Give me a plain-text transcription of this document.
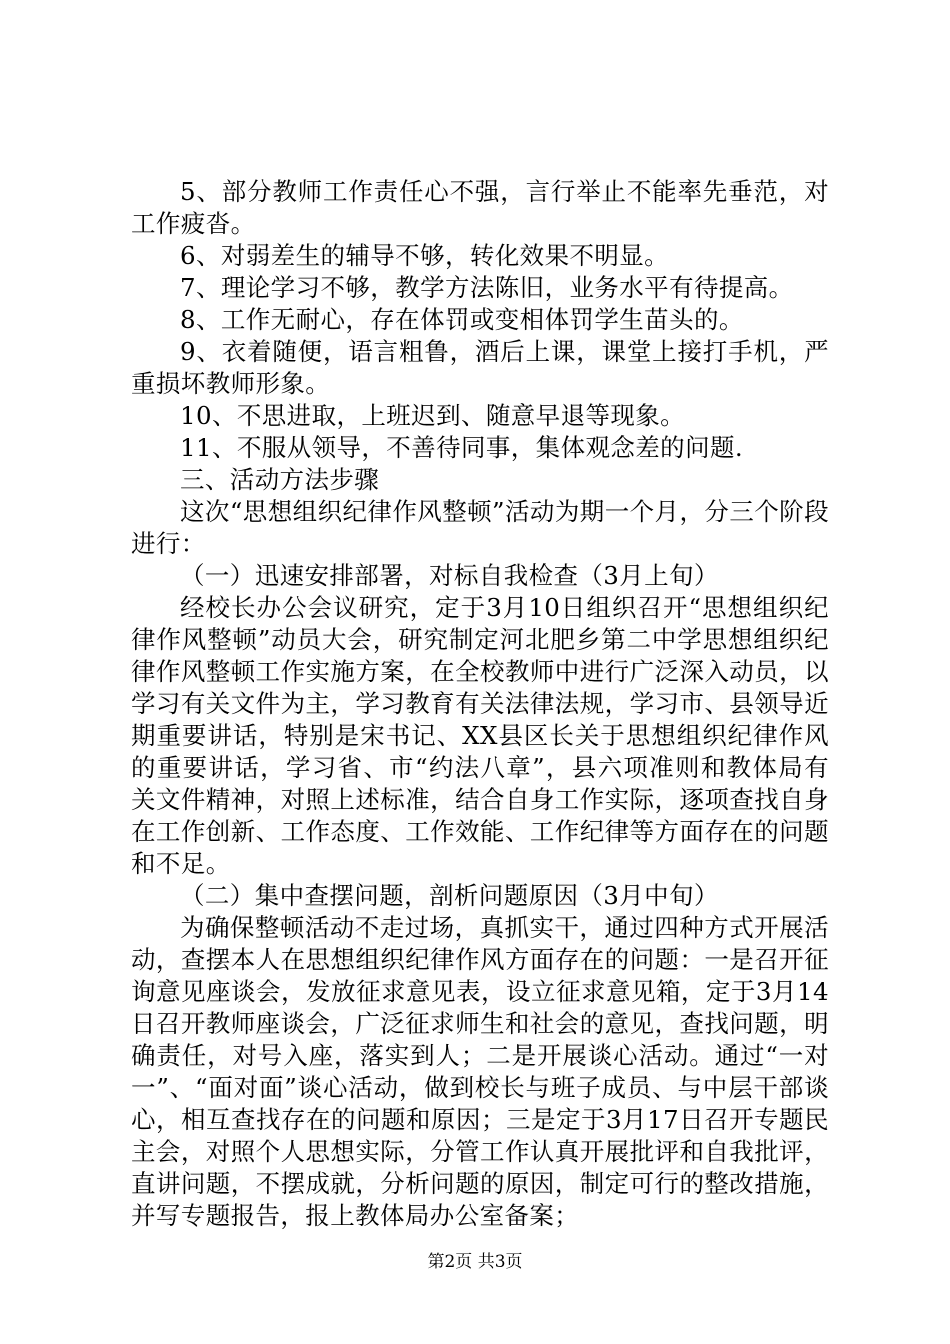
5、部分教师工作责任心不强，言行举止不能率先垂范，对工作疲沓。

6、对弱差生的辅导不够，转化效果不明显。

7、理论学习不够，教学方法陈旧，业务水平有待提高。

8、工作无耐心，存在体罚或变相体罚学生苗头的。

9、衣着随便，语言粗鲁，酒后上课，课堂上接打手机，严重损坏教师形象。

10、不思进取，上班迟到、随意早退等现象。

11、不服从领导，不善待同事，集体观念差的问题.

三、活动方法步骤

这次“思想组织纪律作风整顿”活动为期一个月，分三个阶段进行：

（一）迅速安排部署，对标自我检查（3月上旬）

经校长办公会议研究，定于3月10日组织召开“思想组织纪律作风整顿”动员大会，研究制定河北肥乡第二中学思想组织纪律作风整顿工作实施方案，在全校教师中进行广泛深入动员，以学习有关文件为主，学习教育有关法律法规，学习市、县领导近期重要讲话，特别是宋书记、XX县区长关于思想组织纪律作风的重要讲话，学习省、市“约法八章”，县六项准则和教体局有关文件精神，对照上述标准，结合自身工作实际，逐项查找自身在工作创新、工作态度、工作效能、工作纪律等方面存在的问题和不足。

（二）集中查摆问题，剖析问题原因（3月中旬）

为确保整顿活动不走过场，真抓实干，通过四种方式开展活动，查摆本人在思想组织纪律作风方面存在的问题：一是召开征询意见座谈会，发放征求意见表，设立征求意见箱，定于3月14日召开教师座谈会，广泛征求师生和社会的意见，查找问题，明确责任，对号入座，落实到人；二是开展谈心活动。通过“一对一”、“面对面”谈心活动，做到校长与班子成员、与中层干部谈心，相互查找存在的问题和原因；三是定于3月17日召开专题民主会，对照个人思想实际，分管工作认真开展批评和自我批评，直讲问题，不摆成就，分析问题的原因，制定可行的整改措施，并写专题报告，报上教体局办公室备案；

第2页 共3页
